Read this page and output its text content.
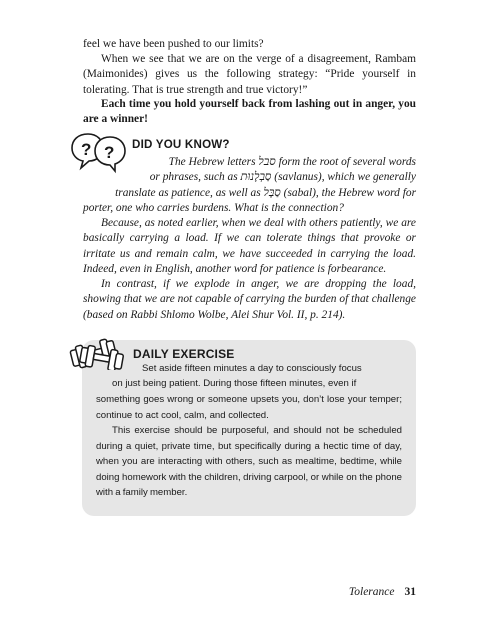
feel we have been pushed to our limits?
When we see that we are on the verge of a disagreement, Rambam (Maimonides) gives us the following strategy: “Pride yourself in tolerating. That is true strength and true victory!”
Each time you hold yourself back from lashing out in anger, you are a winner!
? ? DID YOU KNOW?
The Hebrew letters סבל form the root of several words
or phrases, such as סַבְלָנוּת (savlanus), which we generally
translate as patience, as well as סַבָּל (sabal), the Hebrew word for
porter, one who carries burdens. What is the connection?
Because, as noted earlier, when we deal with others patiently, we are basically carrying a load. If we can tolerate things that provoke or irritate us and remain calm, we have succeeded in carrying the load. Indeed, even in English, another word for patience is forbearance.
In contrast, if we explode in anger, we are dropping the load, showing that we are not capable of carrying the burden of that challenge (based on Rabbi Shlomo Wolbe, Alei Shur Vol. II, p. 214).
DAILY EXERCISE
Set aside fifteen minutes a day to consciously focus
on just being patient. During those fifteen minutes, even if
something goes wrong or someone upsets you, don’t lose your temper; continue to act cool, calm, and collected.
This exercise should be purposeful, and should not be scheduled during a quiet, private time, but specifically during a hectic time of day, when you are interacting with others, such as mealtime, bedtime, while doing homework with the children, driving carpool, or while on the phone with a family member.
Tolerance 31
